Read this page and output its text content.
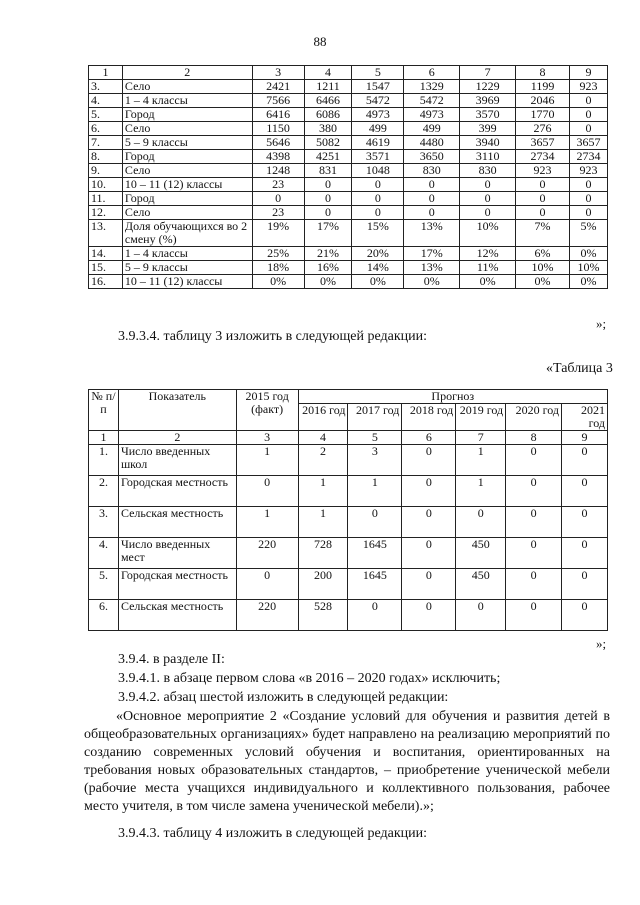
88
1	2	3	4	5	6	7	8	9
3.	Село	2421	1211	1547	1329	1229	1199	923
4.	1 – 4 классы	7566	6466	5472	5472	3969	2046	0
5.	Город	6416	6086	4973	4973	3570	1770	0
6.	Село	1150	380	499	499	399	276	0
7.	5 – 9 классы	5646	5082	4619	4480	3940	3657	3657
8.	Город	4398	4251	3571	3650	3110	2734	2734
9.	Село	1248	831	1048	830	830	923	923
10.	10 – 11 (12) классы	23	0	0	0	0	0	0
11.	Город	0	0	0	0	0	0	0
12.	Село	23	0	0	0	0	0	0
13.	Доля обучающихся во 2 смену (%)	19%	17%	15%	13%	10%	7%	5%
14.	1 – 4 классы	25%	21%	20%	17%	12%	6%	0%
15.	5 – 9 классы	18%	16%	14%	13%	11%	10%	10%
16.	10 – 11 (12) классы	0%	0%	0%	0%	0%	0%	0%
»;
3.9.3.4. таблицу 3 изложить в следующей редакции:
«Таблица 3
№ п/п	Показатель	2015 год (факт)	Прогноз					
			2016 год	2017 год	2018 год	2019 год	2020 год	2021 год
1	2	3	4	5	6	7	8	9
1.	Число введенных школ	1	2	3	0	1	0	0
2.	Городская местность	0	1	1	0	1	0	0
3.	Сельская местность	1	1	0	0	0	0	0
4.	Число введенных мест	220	728	1645	0	450	0	0
5.	Городская местность	0	200	1645	0	450	0	0
6.	Сельская местность	220	528	0	0	0	0	0
»;
3.9.4. в разделе II:
3.9.4.1. в абзаце первом слова «в 2016 – 2020 годах» исключить;
3.9.4.2. абзац шестой изложить в следующей редакции:
«Основное мероприятие 2 «Создание условий для обучения и развития детей в общеобразовательных организациях» будет направлено на реализацию мероприятий по созданию современных условий обучения и воспитания, ориентированных на требования новых образовательных стандартов, – приобретение ученической мебели (рабочие места учащихся индивидуального и коллективного пользования, рабочее место учителя, в том числе замена ученической мебели).»;
3.9.4.3. таблицу 4 изложить в следующей редакции:
